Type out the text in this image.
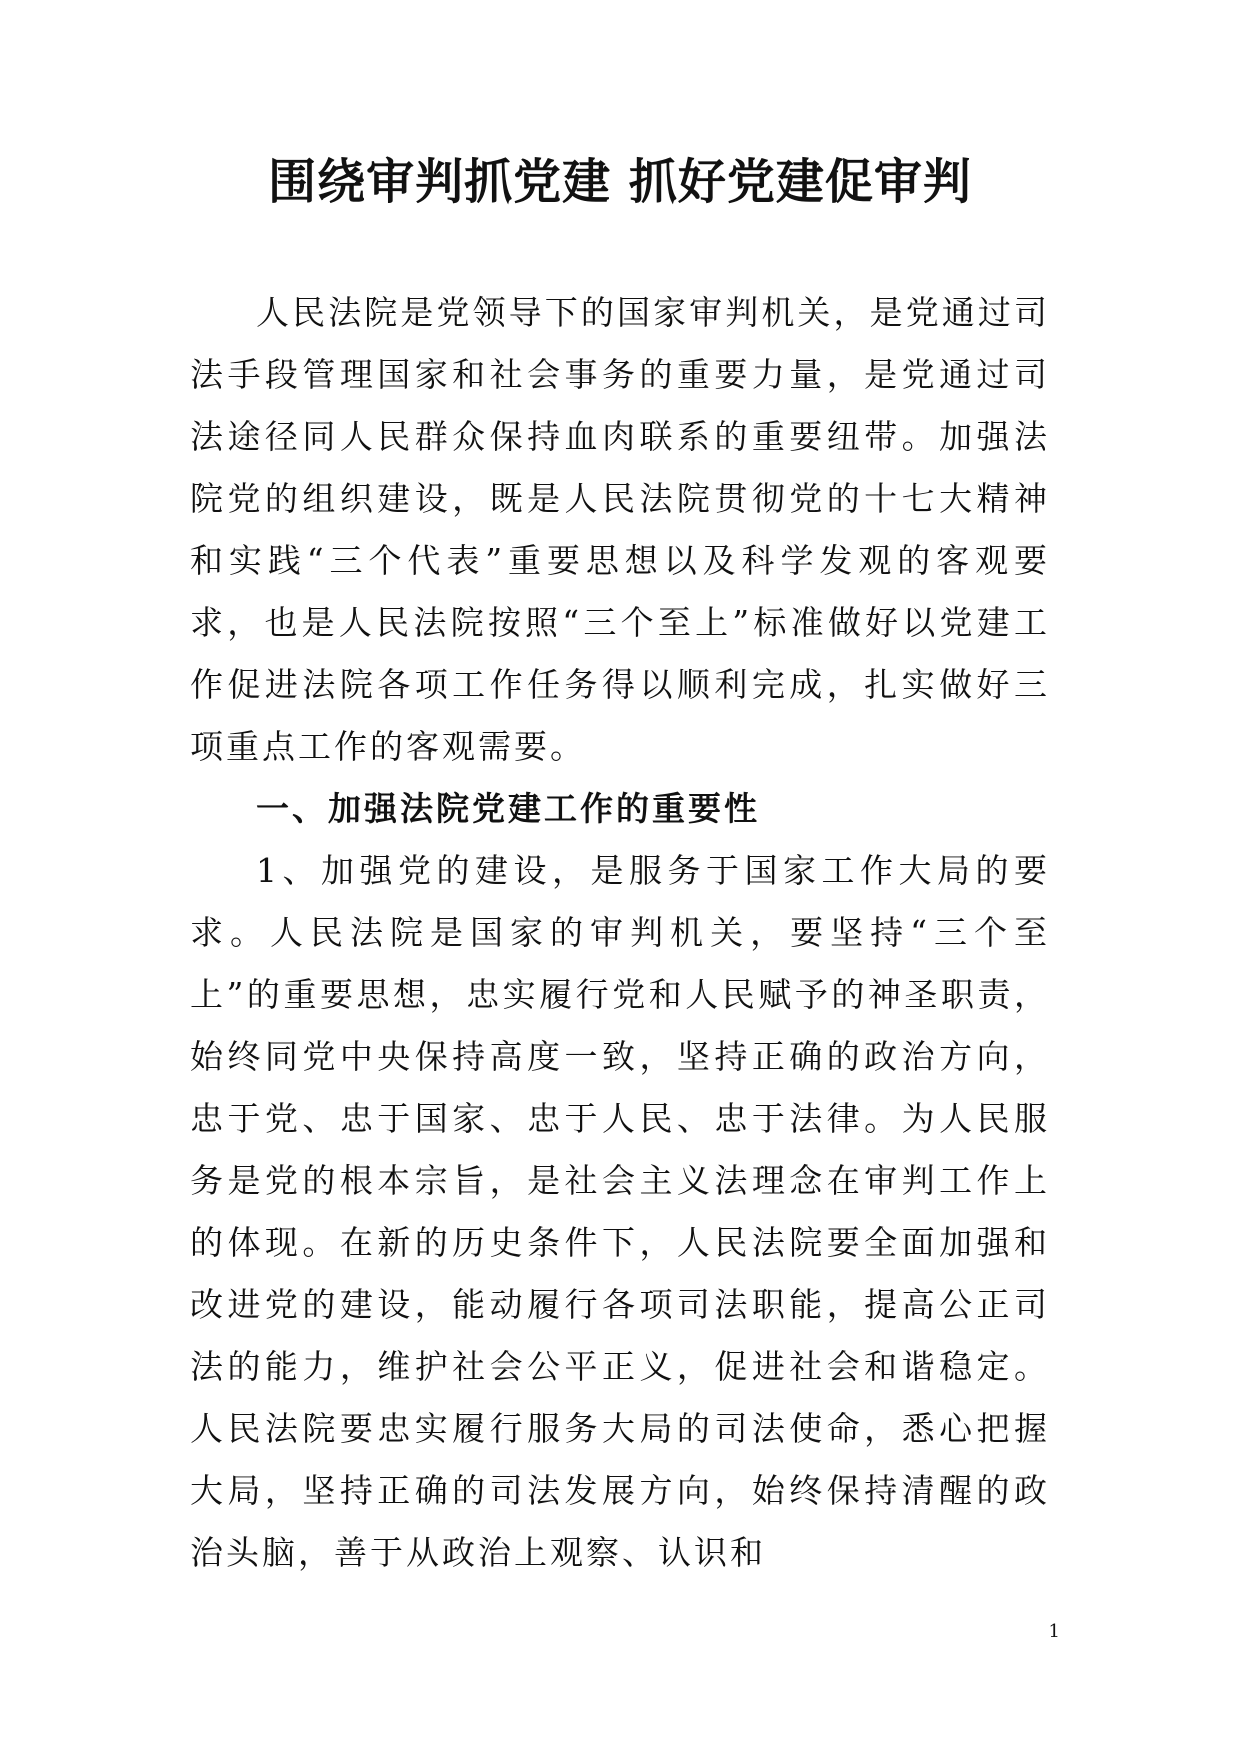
围绕审判抓党建 抓好党建促审判

人民法院是党领导下的国家审判机关，是党通过司法手段管理国家和社会事务的重要力量，是党通过司法途径同人民群众保持血肉联系的重要纽带。加强法院党的组织建设，既是人民法院贯彻党的十七大精神和实践“三个代表”重要思想以及科学发观的客观要求，也是人民法院按照“三个至上”标准做好以党建工作促进法院各项工作任务得以顺利完成，扎实做好三项重点工作的客观需要。

一、加强法院党建工作的重要性

1、加强党的建设，是服务于国家工作大局的要求。人民法院是国家的审判机关，要坚持“三个至上”的重要思想，忠实履行党和人民赋予的神圣职责，始终同党中央保持高度一致，坚持正确的政治方向，忠于党、忠于国家、忠于人民、忠于法律。为人民服务是党的根本宗旨，是社会主义法理念在审判工作上的体现。在新的历史条件下，人民法院要全面加强和改进党的建设，能动履行各项司法职能，提高公正司法的能力，维护社会公平正义，促进社会和谐稳定。人民法院要忠实履行服务大局的司法使命，悉心把握大局，坚持正确的司法发展方向，始终保持清醒的政治头脑，善于从政治上观察、认识和

1
